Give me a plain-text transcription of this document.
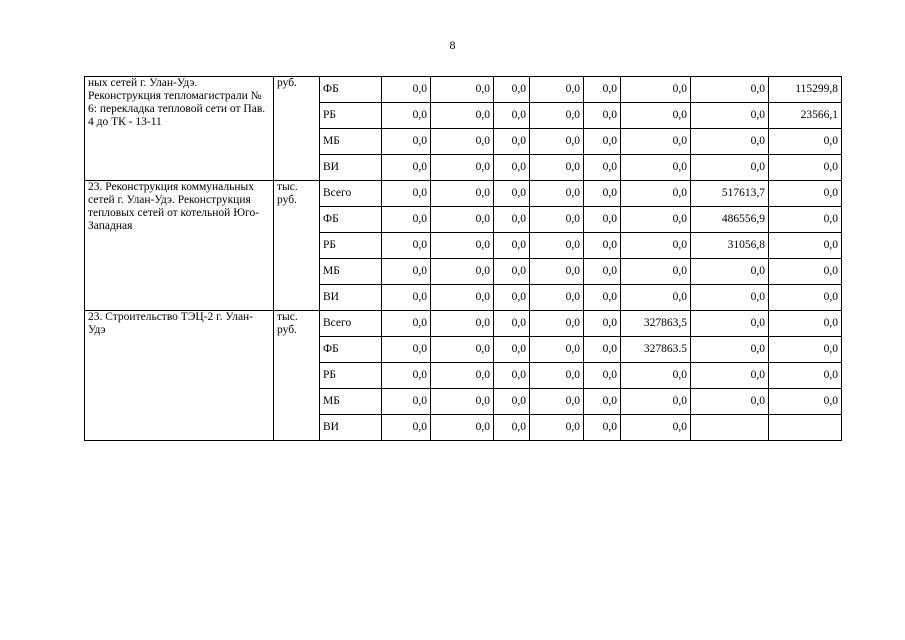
8
ных сетей г. Улан-Удэ. Реконструкция тепломагистрали № 6: перекладка тепловой сети от Пав. 4 до ТК - 13-11	руб.	ФБ	0,0	0,0	0,0	0,0	0,0	0,0	0,0	115299,8
		РБ	0,0	0,0	0,0	0,0	0,0	0,0	0,0	23566,1
		МБ	0,0	0,0	0,0	0,0	0,0	0,0	0,0	0,0
		ВИ	0,0	0,0	0,0	0,0	0,0	0,0	0,0	0,0
23. Реконструкция коммунальных сетей г. Улан-Удэ. Реконструкция тепловых сетей от котельной Юго-Западная	тыс. руб.	Всего	0,0	0,0	0,0	0,0	0,0	0,0	517613,7	0,0
		ФБ	0,0	0,0	0,0	0,0	0,0	0,0	486556,9	0,0
		РБ	0,0	0,0	0,0	0,0	0,0	0,0	31056,8	0,0
		МБ	0,0	0,0	0,0	0,0	0,0	0,0	0,0	0,0
		ВИ	0,0	0,0	0,0	0,0	0,0	0,0	0,0	0,0
23. Строительство ТЭЦ-2 г. Улан-Удэ	тыс. руб.	Всего	0,0	0,0	0,0	0,0	0,0	327863,5	0,0	0,0
		ФБ	0,0	0,0	0,0	0,0	0,0	327863.5	0,0	0,0
		РБ	0,0	0,0	0,0	0,0	0,0	0,0	0,0	0,0
		МБ	0,0	0,0	0,0	0,0	0,0	0,0	0,0	0,0
		ВИ	0,0	0,0	0,0	0,0	0,0	0,0		
